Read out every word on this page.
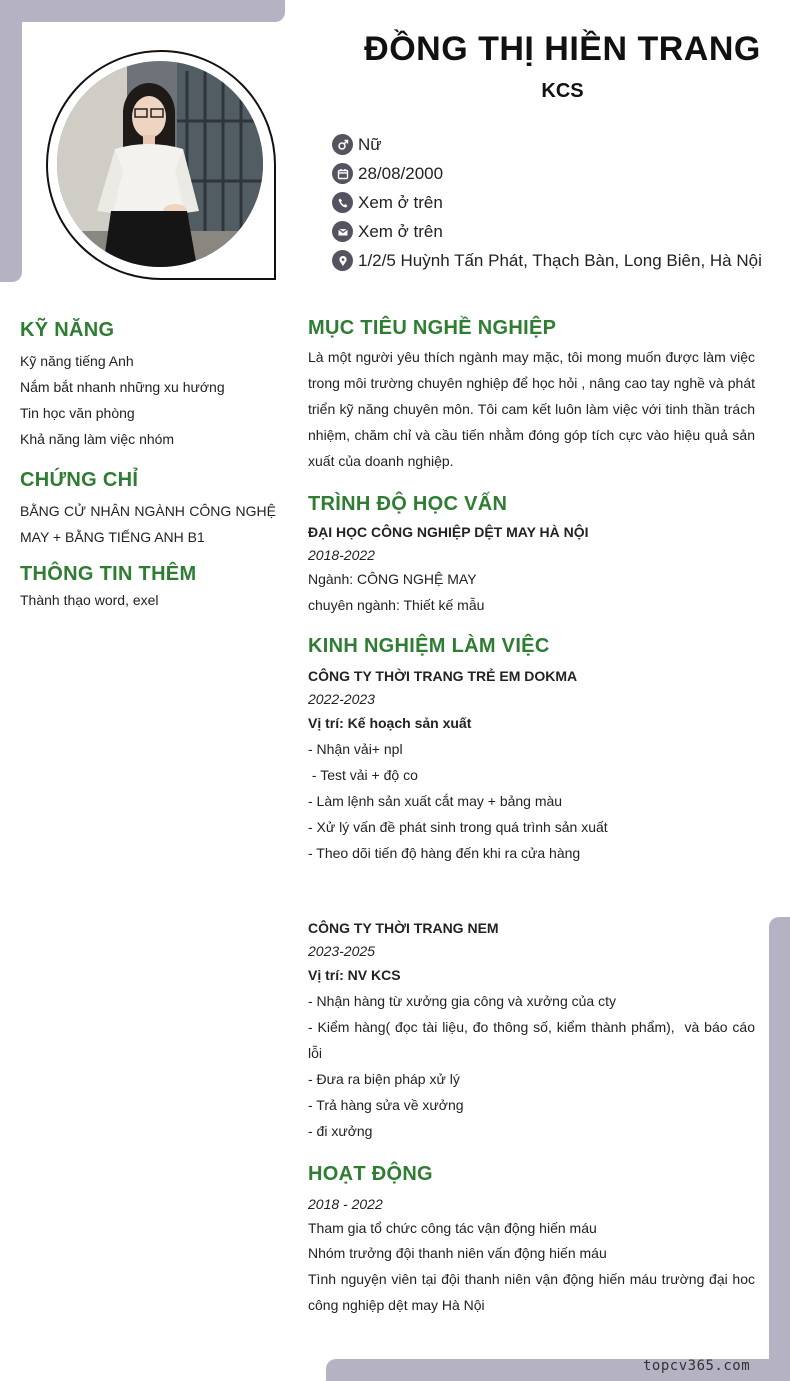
ĐỒNG THỊ HIỀN TRANG
KCS
Nữ
28/08/2000
Xem ở trên
Xem ở trên
1/2/5 Huỳnh Tấn Phát, Thạch Bàn, Long Biên, Hà Nội
KỸ NĂNG
Kỹ năng tiếng Anh
Nắm bắt nhanh những xu hướng
Tin học văn phòng
Khả năng làm việc nhóm
CHỨNG CHỈ
BẰNG CỬ NHÂN NGÀNH CÔNG NGHỆ MAY + BẰNG TIẾNG ANH B1
THÔNG TIN THÊM
Thành thạo word, exel
MỤC TIÊU NGHỀ NGHIỆP
Là một người yêu thích ngành may mặc, tôi mong muốn được làm việc trong môi trường chuyên nghiệp để học hỏi , nâng cao tay nghề và phát triển kỹ năng chuyên môn. Tôi cam kết luôn làm việc với tinh thần trách nhiệm, chăm chỉ và cầu tiến nhằm đóng góp tích cực vào hiệu quả sản xuất của doanh nghiệp.
TRÌNH ĐỘ HỌC VẤN
ĐẠI HỌC CÔNG NGHIỆP DỆT MAY HÀ NỘI
2018-2022
Ngành: CÔNG NGHỆ MAY
chuyên ngành: Thiết kế mẫu
KINH NGHIỆM LÀM VIỆC
CÔNG TY THỜI TRANG TRẺ EM DOKMA
2022-2023
Vị trí: Kế hoạch sản xuất
- Nhận vải+ npl
- Test vải + độ co
- Làm lệnh sản xuất cắt may + bảng màu
- Xử lý vấn đề phát sinh trong quá trình sản xuất
- Theo dõi tiến độ hàng đến khi ra cửa hàng
CÔNG TY THỜI TRANG NEM
2023-2025
Vị trí: NV KCS
- Nhận hàng từ xưởng gia công và xưởng của cty
- Kiểm hàng( đọc tài liệu, đo thông số, kiểm thành phẩm),  và báo cáo lỗi
- Đưa ra biện pháp xử lý
- Trả hàng sửa về xưởng
- đi xưởng
HOẠT ĐỘNG
2018 - 2022
Tham gia tổ chức công tác vận động hiến máu
Nhóm trưởng đội thanh niên vấn động hiến máu
Tình nguyện viên tại đội thanh niên vận động hiến máu trường đại hoc công nghiệp dệt may Hà Nội
topcv365.com
